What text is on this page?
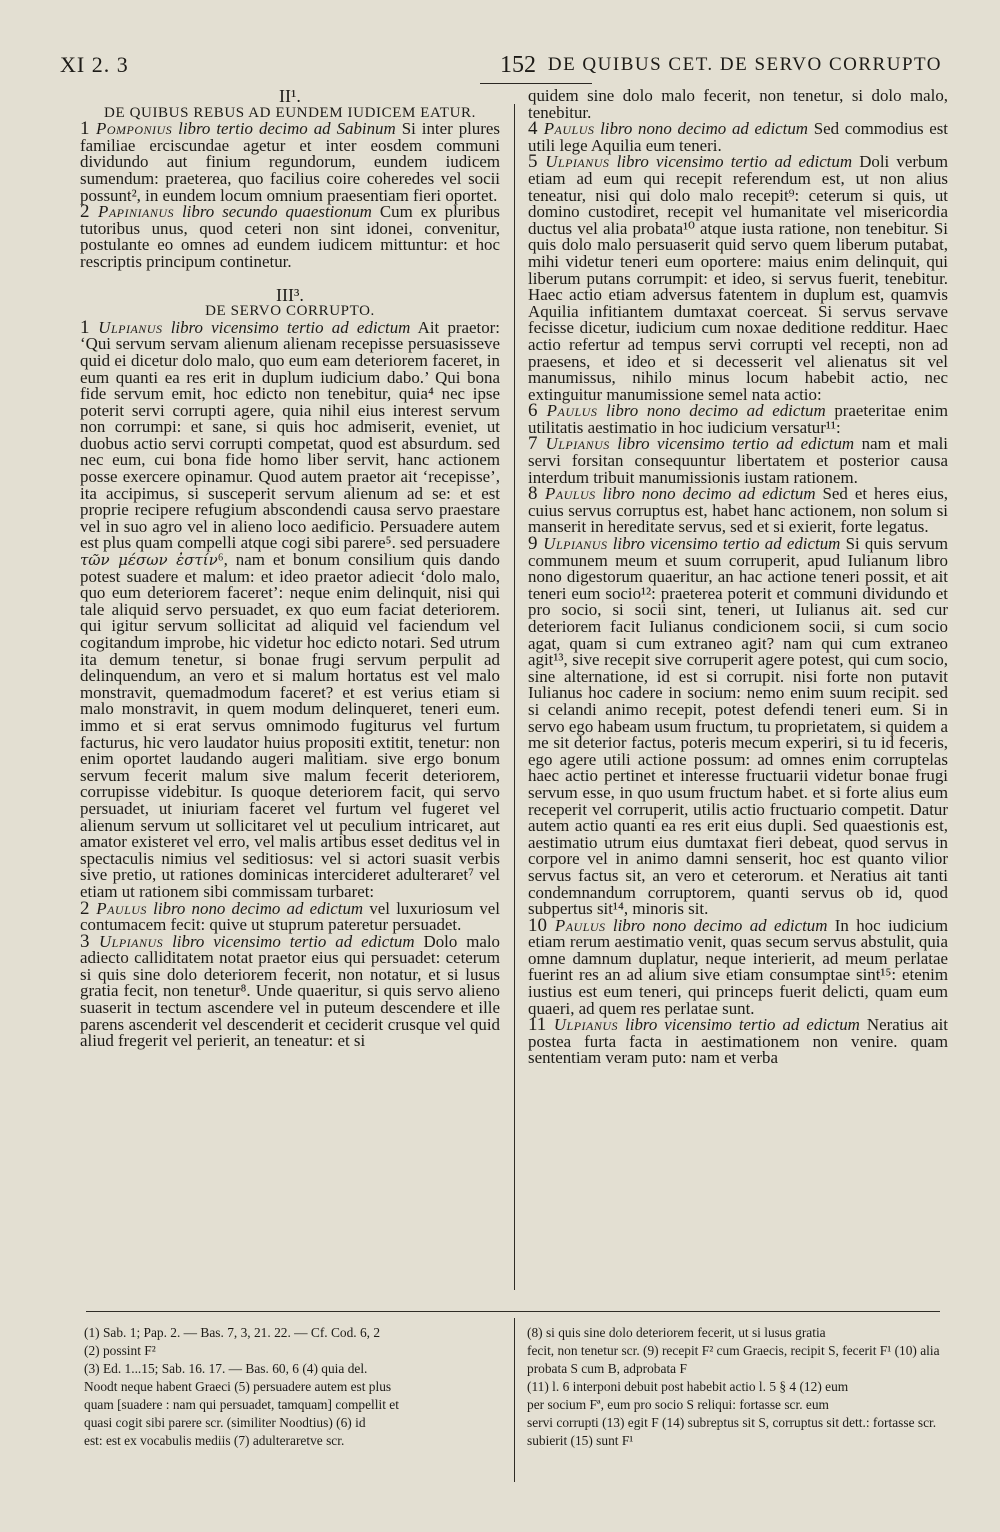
XI 2. 3	152 DE QUIBUS CET. DE SERVO CORRUPTO

II¹.

DE QUIBUS REBUS AD EUNDEM IUDICEM EATUR.

1 Pomponius libro tertio decimo ad Sabinum Si inter plures familiae erciscundae agetur et inter eosdem communi dividundo aut finium regundorum, eundem iudicem sumendum: praeterea, quo facilius coire coheredes vel socii possunt², in eundem locum omnium praesentiam fieri oportet.

2 Papinianus libro secundo quaestionum Cum ex pluribus tutoribus unus, quod ceteri non sint idonei, convenitur, postulante eo omnes ad eundem iudicem mittuntur: et hoc rescriptis principum continetur.

III³.

DE SERVO CORRUPTO.

1 Ulpianus libro vicensimo tertio ad edictum Ait praetor: ‘Qui servum servam alienum alienam recepisse persuasisseve quid ei dicetur dolo malo, quo eum eam deteriorem faceret, in eum quanti ea res erit in duplum iudicium dabo.’ Qui bona fide servum emit, hoc edicto non tenebitur, quia⁴ nec ipse poterit servi corrupti agere, quia nihil eius interest servum non corrumpi: et sane, si quis hoc admiserit, eveniet, ut duobus actio servi corrupti competat, quod est absurdum. sed nec eum, cui bona fide homo liber servit, hanc actionem posse exercere opinamur. Quod autem praetor ait ‘recepisse’, ita accipimus, si susceperit servum alienum ad se: et est proprie recipere refugium abscondendi causa servo praestare vel in suo agro vel in alieno loco aedificio. Persuadere autem est plus quam compelli atque cogi sibi parere⁵. sed persuadere τῶν μέσων ἐστίν⁶, nam et bonum consilium quis dando potest suadere et malum: et ideo praetor adiecit ‘dolo malo, quo eum deteriorem faceret’: neque enim delinquit, nisi qui tale aliquid servo persuadet, ex quo eum faciat deteriorem. qui igitur servum sollicitat ad aliquid vel faciendum vel cogitandum improbe, hic videtur hoc edicto notari. Sed utrum ita demum tenetur, si bonae frugi servum perpulit ad delinquendum, an vero et si malum hortatus est vel malo monstravit, quemadmodum faceret? et est verius etiam si malo monstravit, in quem modum delinqueret, teneri eum. immo et si erat servus omnimodo fugiturus vel furtum facturus, hic vero laudator huius propositi extitit, tenetur: non enim oportet laudando augeri malitiam. sive ergo bonum servum fecerit malum sive malum fecerit deteriorem, corrupisse videbitur. Is quoque deteriorem facit, qui servo persuadet, ut iniuriam faceret vel furtum vel fugeret vel alienum servum ut sollicitaret vel ut peculium intricaret, aut amator existeret vel erro, vel malis artibus esset deditus vel in spectaculis nimius vel seditiosus: vel si actori suasit verbis sive pretio, ut rationes dominicas intercideret adulteraret⁷ vel etiam ut rationem sibi commissam turbaret:

2 Paulus libro nono decimo ad edictum vel luxuriosum vel contumacem fecit: quive ut stuprum pateretur persuadet.

3 Ulpianus libro vicensimo tertio ad edictum Dolo malo adiecto calliditatem notat praetor eius qui persuadet: ceterum si quis sine dolo deteriorem fecerit, non notatur, et si lusus gratia fecit, non tenetur⁸. Unde quaeritur, si quis servo alieno suaserit in tectum ascendere vel in puteum descendere et ille parens ascenderit vel descenderit et ceciderit crusque vel quid aliud fregerit vel perierit, an teneatur: et si

quidem sine dolo malo fecerit, non tenetur, si dolo malo, tenebitur.

4 Paulus libro nono decimo ad edictum Sed commodius est utili lege Aquilia eum teneri.

5 Ulpianus libro vicensimo tertio ad edictum Doli verbum etiam ad eum qui recepit referendum est, ut non alius teneatur, nisi qui dolo malo recepit⁹: ceterum si quis, ut domino custodiret, recepit vel humanitate vel misericordia ductus vel alia probata¹⁰ atque iusta ratione, non tenebitur. Si quis dolo malo persuaserit quid servo quem liberum putabat, mihi videtur teneri eum oportere: maius enim delinquit, qui liberum putans corrumpit: et ideo, si servus fuerit, tenebitur. Haec actio etiam adversus fatentem in duplum est, quamvis Aquilia infitiantem dumtaxat coerceat. Si servus servave fecisse dicetur, iudicium cum noxae deditione redditur. Haec actio refertur ad tempus servi corrupti vel recepti, non ad praesens, et ideo et si decesserit vel alienatus sit vel manumissus, nihilo minus locum habebit actio, nec extinguitur manumissione semel nata actio:

6 Paulus libro nono decimo ad edictum praeteritae enim utilitatis aestimatio in hoc iudicium versatur¹¹:

7 Ulpianus libro vicensimo tertio ad edictum nam et mali servi forsitan consequuntur libertatem et posterior causa interdum tribuit manumissionis iustam rationem.

8 Paulus libro nono decimo ad edictum Sed et heres eius, cuius servus corruptus est, habet hanc actionem, non solum si manserit in hereditate servus, sed et si exierit, forte legatus.

9 Ulpianus libro vicensimo tertio ad edictum Si quis servum communem meum et suum corruperit, apud Iulianum libro nono digestorum quaeritur, an hac actione teneri possit, et ait teneri eum socio¹²: praeterea poterit et communi dividundo et pro socio, si socii sint, teneri, ut Iulianus ait. sed cur deteriorem facit Iulianus condicionem socii, si cum socio agat, quam si cum extraneo agit? nam qui cum extraneo agit¹³, sive recepit sive corruperit agere potest, qui cum socio, sine alternatione, id est si corrupit. nisi forte non putavit Iulianus hoc cadere in socium: nemo enim suum recipit. sed si celandi animo recepit, potest defendi teneri eum. Si in servo ego habeam usum fructum, tu proprietatem, si quidem a me sit deterior factus, poteris mecum experiri, si tu id feceris, ego agere utili actione possum: ad omnes enim corruptelas haec actio pertinet et interesse fructuarii videtur bonae frugi servum esse, in quo usum fructum habet. et si forte alius eum receperit vel corruperit, utilis actio fructuario competit. Datur autem actio quanti ea res erit eius dupli. Sed quaestionis est, aestimatio utrum eius dumtaxat fieri debeat, quod servus in corpore vel in animo damni senserit, hoc est quanto vilior servus factus sit, an vero et ceterorum. et Neratius ait tanti condemnandum corruptorem, quanti servus ob id, quod subpertus sit¹⁴, minoris sit.

10 Paulus libro nono decimo ad edictum In hoc iudicium etiam rerum aestimatio venit, quas secum servus abstulit, quia omne damnum duplatur, neque interierit, ad meum perlatae fuerint res an ad alium sive etiam consumptae sint¹⁵: etenim iustius est eum teneri, qui princeps fuerit delicti, quam eum quaeri, ad quem res perlatae sunt.

11 Ulpianus libro vicensimo tertio ad edictum Neratius ait postea furta facta in aestimationem non venire. quam sententiam veram puto: nam et verba

(1) Sab. 1; Pap. 2. — Bas. 7, 3, 21. 22. — Cf. Cod. 6, 2

(2) possint F²

(3) Ed. 1...15; Sab. 16. 17. — Bas. 60, 6 (4) quia del.

Noodt neque habent Graeci (5) persuadere autem est plus

quam [suadere : nam qui persuadet, tamquam] compellit et

quasi cogit sibi parere scr. (similiter Noodtius) (6) id

est: est ex vocabulis mediis (7) adulteraretve scr.

(8) si quis sine dolo deteriorem fecerit, ut si lusus gratia

fecit, non tenetur scr. (9) recepit F² cum Graecis, recipit S, fecerit F¹ (10) alia probata S cum B, adprobata F

(11) l. 6 interponi debuit post habebit actio l. 5 § 4 (12) eum

per socium Fª, eum pro socio S reliqui: fortasse scr. eum

servi corrupti (13) egit F (14) subreptus sit S, corruptus sit dett.: fortasse scr. subierit (15) sunt F¹
